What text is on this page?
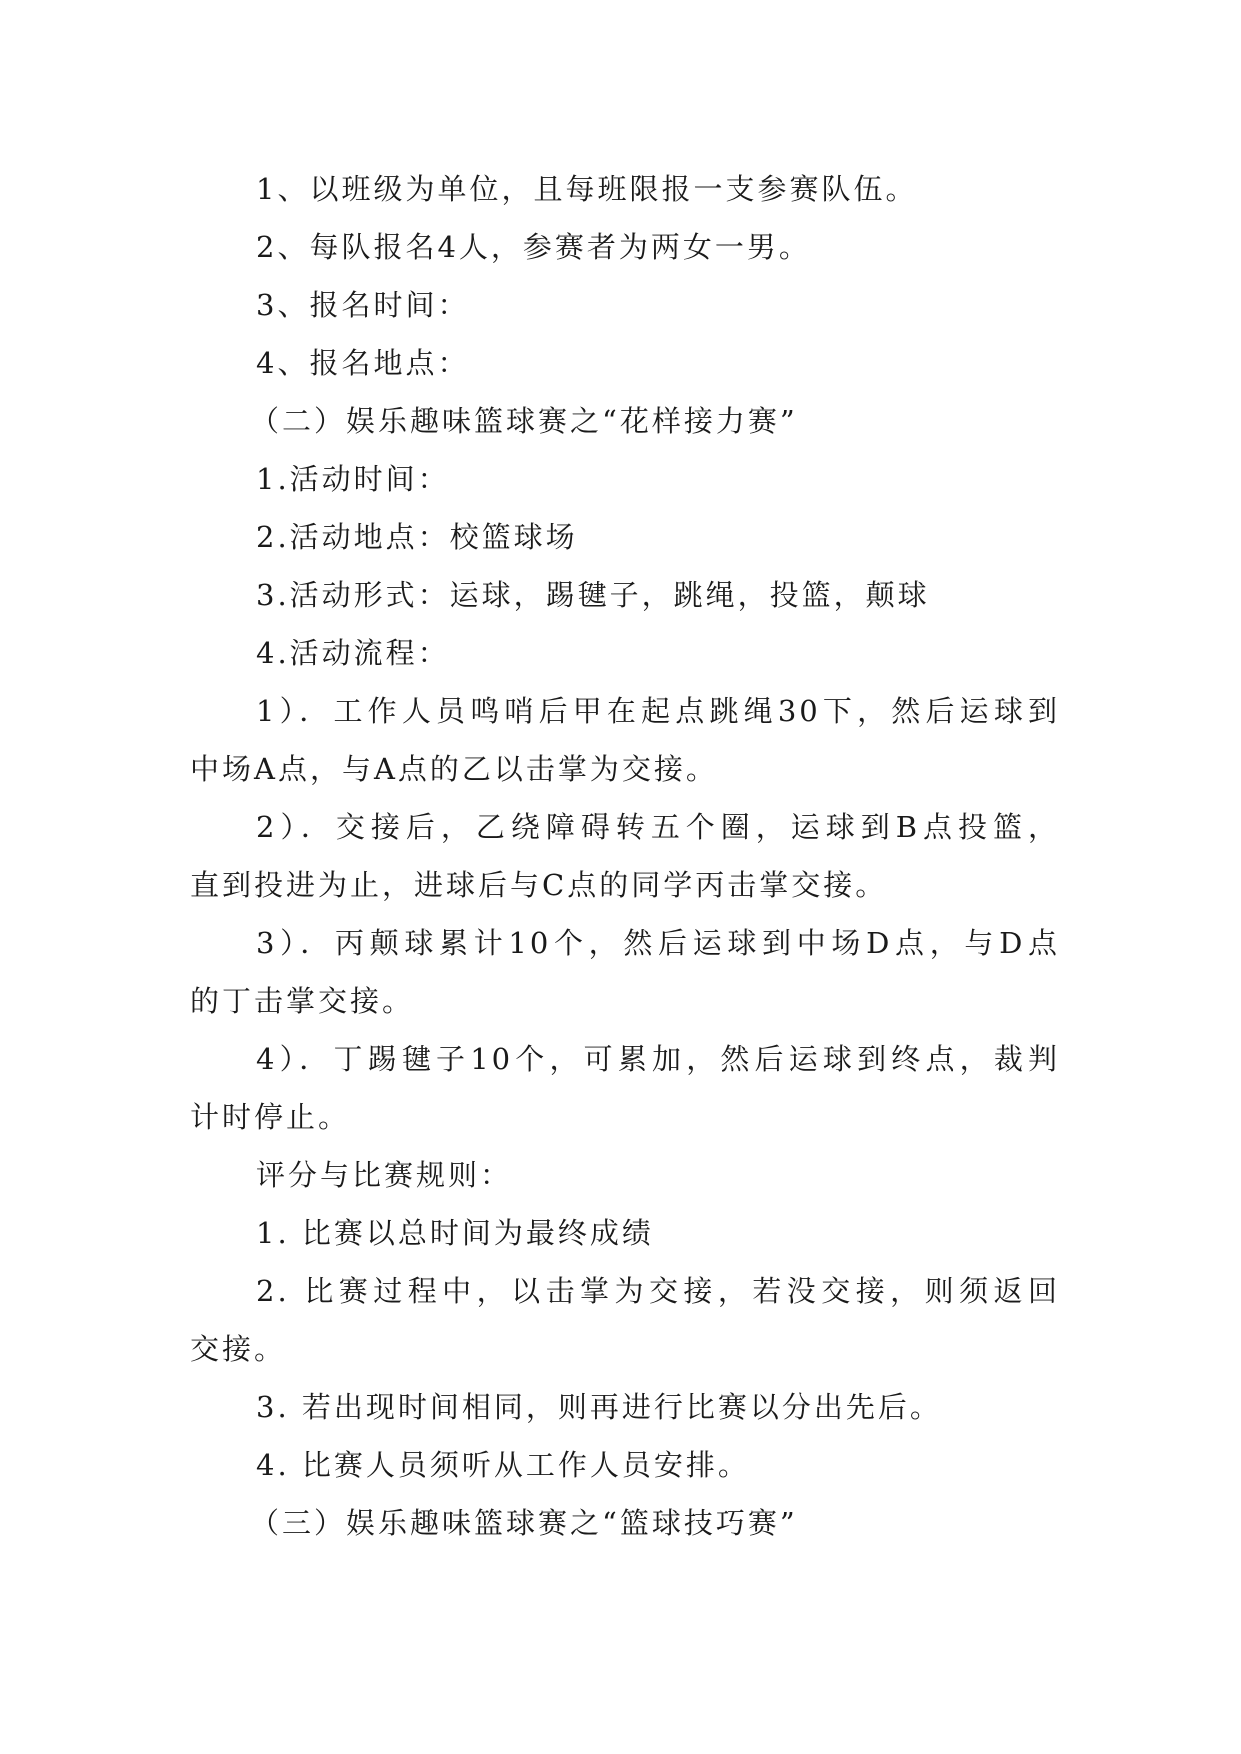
1、以班级为单位，且每班限报一支参赛队伍。
2、每队报名4人，参赛者为两女一男。
3、报名时间：
4、报名地点：
（二）娱乐趣味篮球赛之“花样接力赛”
1.活动时间：
2.活动地点：校篮球场
3.活动形式：运球，踢毽子，跳绳，投篮，颠球
4.活动流程：
1）．工作人员鸣哨后甲在起点跳绳30下，然后运球到
中场A点，与A点的乙以击掌为交接。
2）．交接后，乙绕障碍转五个圈，运球到B点投篮，
直到投进为止，进球后与C点的同学丙击掌交接。
3）．丙颠球累计10个，然后运球到中场D点，与D点
的丁击掌交接。
4）．丁踢毽子10个，可累加，然后运球到终点，裁判
计时停止。
评分与比赛规则：
1. 比赛以总时间为最终成绩
2. 比赛过程中，以击掌为交接，若没交接，则须返回
交接。
3. 若出现时间相同，则再进行比赛以分出先后。
4. 比赛人员须听从工作人员安排。
（三）娱乐趣味篮球赛之“篮球技巧赛”
